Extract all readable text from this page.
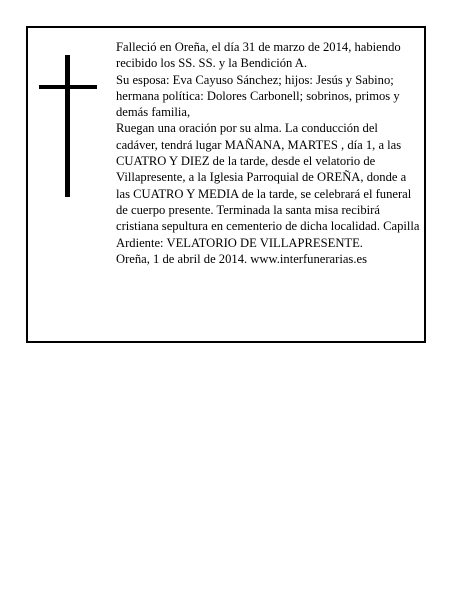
Falleció en Oreña, el día 31 de marzo de 2014, habiendo recibido los SS. SS. y la Bendición A.

Su esposa: Eva Cayuso Sánchez; hijos: Jesús y Sabino; hermana política: Dolores Carbonell; sobrinos, primos y demás familia,

Ruegan una oración por su alma. La conducción del cadáver, tendrá lugar MAÑANA, MARTES , día 1, a las CUATRO Y DIEZ de la tarde, desde el velatorio de Villapresente, a la Iglesia Parroquial de OREÑA, donde a las CUATRO Y MEDIA de la tarde, se celebrará el funeral de cuerpo presente. Terminada la santa misa recibirá cristiana sepultura en cementerio de dicha localidad. Capilla Ardiente: VELATORIO DE VILLAPRESENTE.

Oreña, 1 de abril de 2014. www.interfunerarias.es
